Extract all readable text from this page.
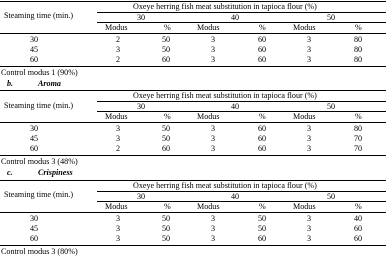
Steaming time (min.)
Oxeye herring fish meat substitution in tapioca flour (%)
30	40	50
Modus	%	Modus	%	Modus	%
30	2	50	3	60	3	80
45	3	50	3	60	3	80
60	2	60	3	60	3	80
Control modus 1 (90%)
b.	Aroma
Steaming time (min.)
Oxeye herring fish meat substitution in tapioca flour (%)
30	40	50
Modus	%	Modus	%	Modus	%
30	3	50	3	60	3	80
45	3	50	3	60	3	70
60	2	60	3	60	3	70
Control modus 3 (48%)
c.	Crispiness
Steaming time (min.)
Oxeye herring fish meat substitution in tapioca flour (%)
30	40	50
Modus	%	Modus	%	Modus	%
30	3	50	3	50	3	40
45	3	50	3	50	3	60
60	3	50	3	60	3	60
Control modus 3 (80%)
